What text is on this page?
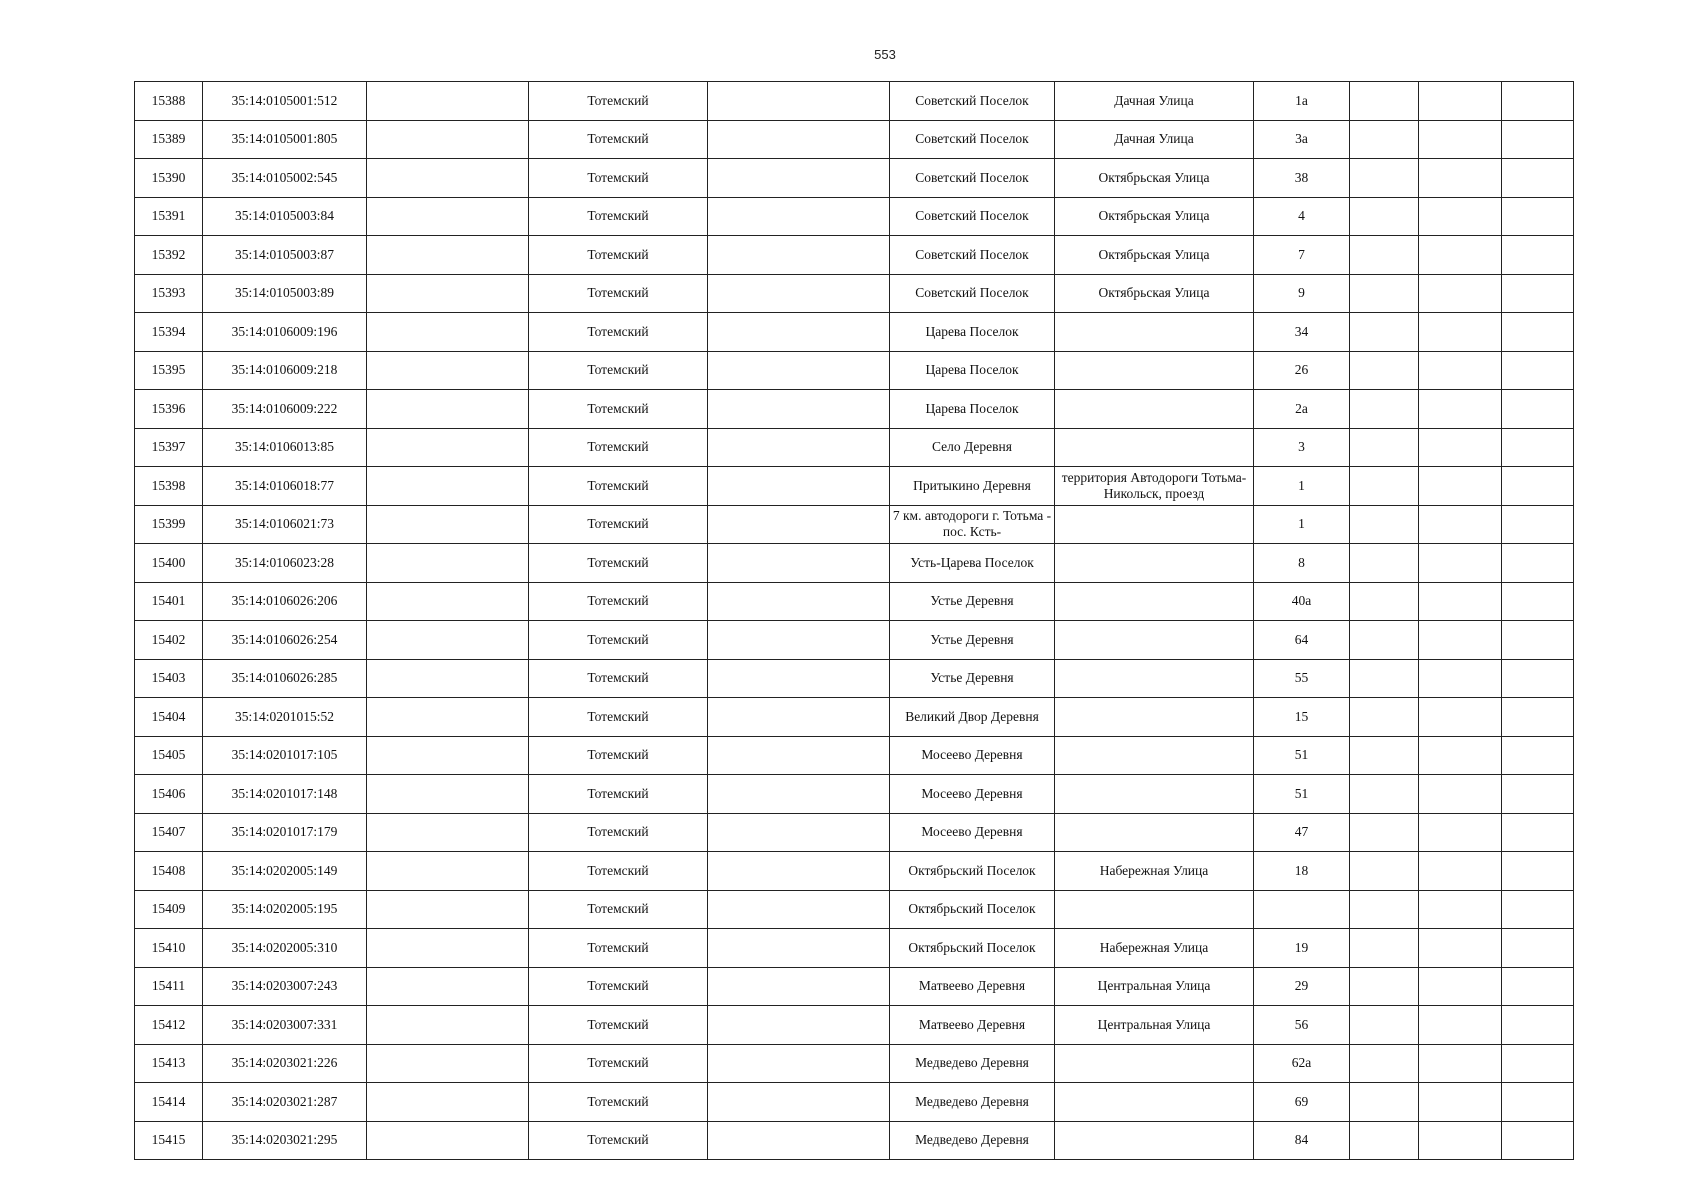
553
15388	35:14:0105001:512		Тотемский		Советский Поселок	Дачная Улица	1а			
15389	35:14:0105001:805		Тотемский		Советский Поселок	Дачная Улица	3а			
15390	35:14:0105002:545		Тотемский		Советский Поселок	Октябрьская Улица	38			
15391	35:14:0105003:84		Тотемский		Советский Поселок	Октябрьская Улица	4			
15392	35:14:0105003:87		Тотемский		Советский Поселок	Октябрьская Улица	7			
15393	35:14:0105003:89		Тотемский		Советский Поселок	Октябрьская Улица	9			
15394	35:14:0106009:196		Тотемский		Царева Поселок		34			
15395	35:14:0106009:218		Тотемский		Царева Поселок		26			
15396	35:14:0106009:222		Тотемский		Царева Поселок		2а			
15397	35:14:0106013:85		Тотемский		Село Деревня		3			
15398	35:14:0106018:77		Тотемский		Притыкино Деревня	территория Автодороги Тотьма-Никольск, проезд	1			
15399	35:14:0106021:73		Тотемский		7 км. автодороги г. Тотьма - пос. Ксть-		1			
15400	35:14:0106023:28		Тотемский		Усть-Царева Поселок		8			
15401	35:14:0106026:206		Тотемский		Устье Деревня		40а			
15402	35:14:0106026:254		Тотемский		Устье Деревня		64			
15403	35:14:0106026:285		Тотемский		Устье Деревня		55			
15404	35:14:0201015:52		Тотемский		Великий Двор Деревня		15			
15405	35:14:0201017:105		Тотемский		Мосеево Деревня		51			
15406	35:14:0201017:148		Тотемский		Мосеево Деревня		51			
15407	35:14:0201017:179		Тотемский		Мосеево Деревня		47			
15408	35:14:0202005:149		Тотемский		Октябрьский Поселок	Набережная Улица	18			
15409	35:14:0202005:195		Тотемский		Октябрьский Поселок					
15410	35:14:0202005:310		Тотемский		Октябрьский Поселок	Набережная Улица	19			
15411	35:14:0203007:243		Тотемский		Матвеево Деревня	Центральная Улица	29			
15412	35:14:0203007:331		Тотемский		Матвеево Деревня	Центральная Улица	56			
15413	35:14:0203021:226		Тотемский		Медведево Деревня		62а			
15414	35:14:0203021:287		Тотемский		Медведево Деревня		69			
15415	35:14:0203021:295		Тотемский		Медведево Деревня		84			
